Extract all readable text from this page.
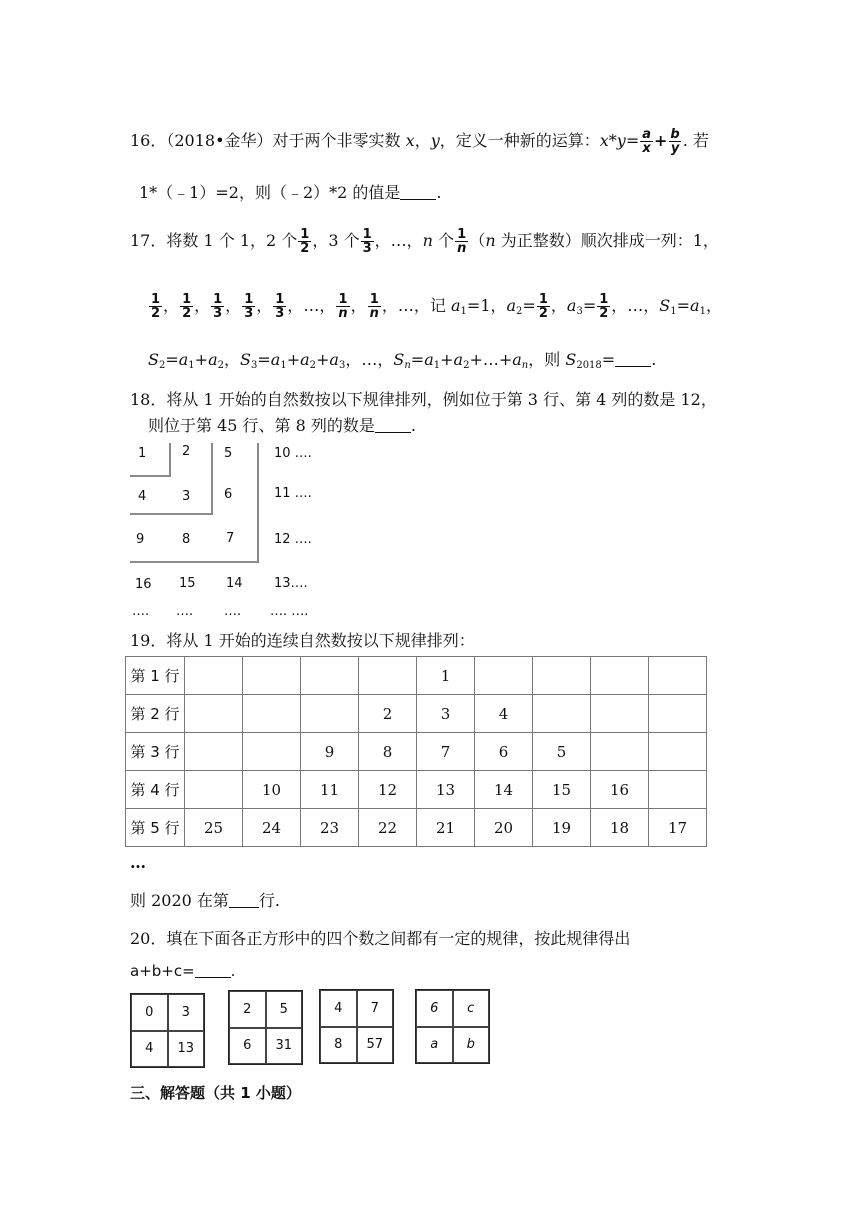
16．（2018•金华）对于两个非零实数 x，y，定义一种新的运算：$x*y= \frac{a}{x} + \frac{b}{y}$ . 若
1*（﹣1）=2，则（﹣2）*2 的值是 .
17．将数 1 个 1，2 个 $\frac{1}{2}$ ，3 个 $\frac{1}{3}$ ，…，n 个 $\frac{1}{n} (n$ 为正整数）顺次排成一列：1，
$\frac{1}{2}$ ， $\frac{1}{2}$ ， $\frac{1}{3}$ ， $\frac{1}{3}$ ， $\frac{1}{3}$ ，…， $\frac{1}{n}$ ， $\frac{1}{n}$ ，…，记 $a_1=1$，$a_2= \frac{1}{2}$ ，$a_3= \frac{1}{2}$ ，…，$S_1=a_1$，
$S_2=a_1+a_2$，$S_3=a_1+a_2+a_3$，…，$S_n=a_1+a_2+\dots+a_n$，则 $S_{2018}=$ .
18．将从 1 开始的自然数按以下规律排列，例如位于第 3 行、第 4 列的数是 12，
则位于第 45 行、第 8 列的数是 .
1	2	5	10 ….
4	3	6	11 ….
9	8	7	12 ….
16 15 14 13….
…. …. …. …. ….
19．将从 1 开始的连续自然数按以下规律排列：
第 1 行					1				
第 2 行				2	3	4			
第 3 行			9	8	7	6	5		
第 4 行		10	11	12	13	14	15	16	
第 5 行	25	24	23	22	21	20	19	18	17
…
则 2020 在第 行.
20．填在下面各正方形中的四个数之间都有一定的规律，按此规律得出
a+b+c= .
0	3
4	13
2	5
6	31
4	7
8	57
6	c
a	b
三、解答题（共 1 小题）
